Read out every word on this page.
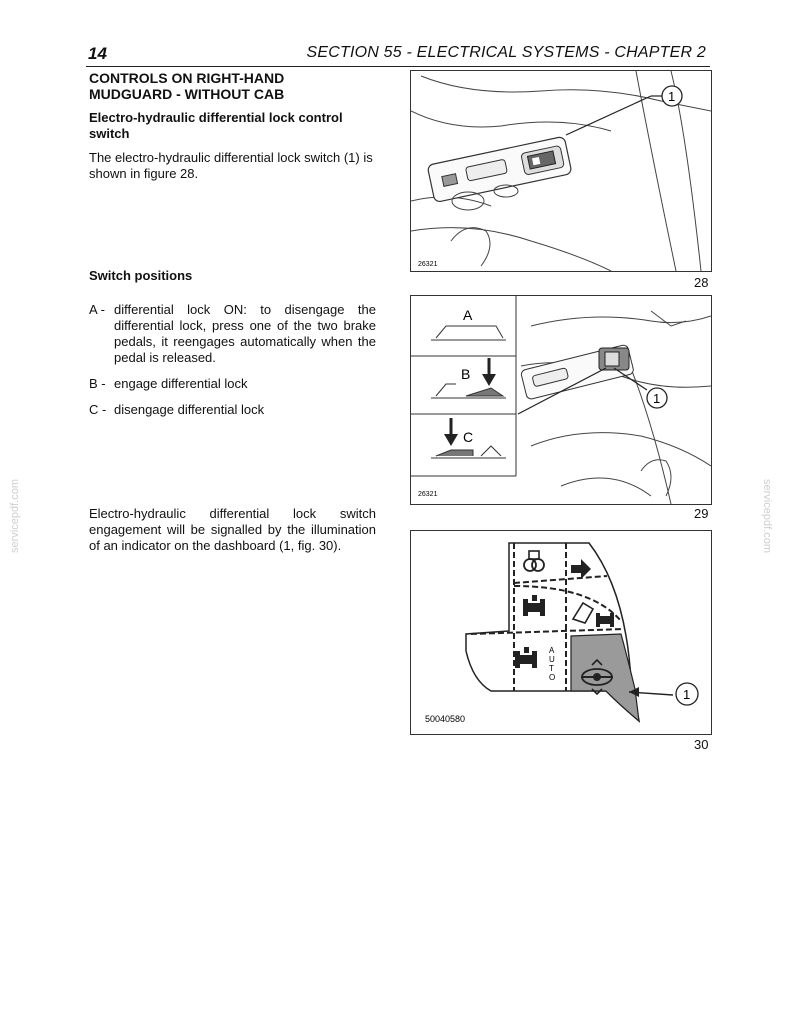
14	SECTION 55 - ELECTRICAL SYSTEMS - CHAPTER 2
CONTROLS ON RIGHT-HAND
MUDGUARD - WITHOUT CAB
Electro-hydraulic differential lock control switch
The electro-hydraulic differential lock switch (1) is shown in figure 28.
Switch positions
A - differential lock ON: to disengage the differential lock, press one of the two brake pedals, it reengages automatically when the pedal is released.
B - engage differential lock
C - disengage differential lock
Electro-hydraulic differential lock switch engagement will be signalled by the illumination of an indicator on the dashboard (1, fig. 30).
1
26321
28
A
B
C
1
26321
29
A
U
T
O
1
50040580
30
servicepdf.com	servicepdf.com
